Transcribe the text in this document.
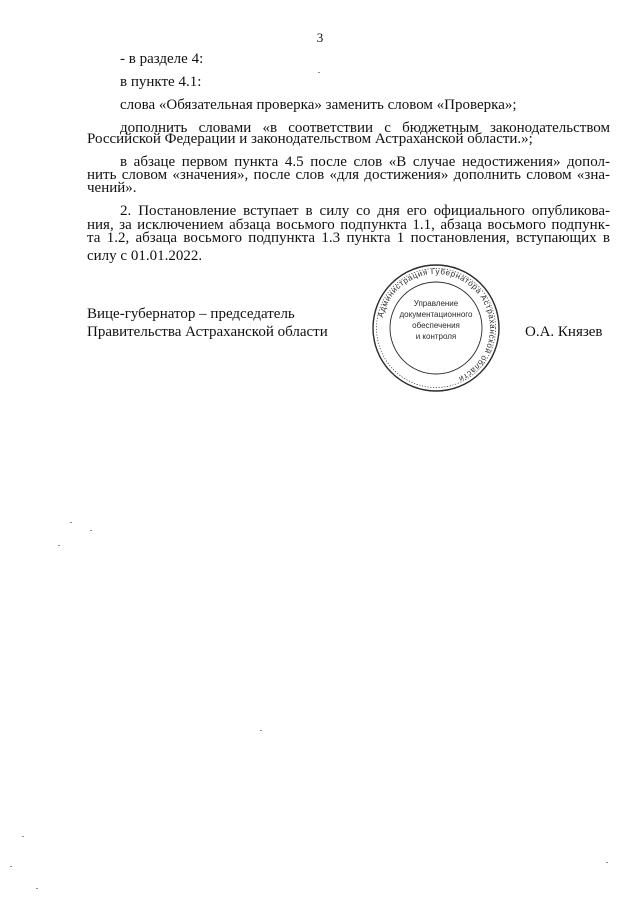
3
- в разделе 4:
в пункте 4.1:
слова «Обязательная проверка» заменить словом «Проверка»;
дополнить словами «в соответствии с бюджетным законодательством
Российской Федерации и законодательством Астраханской области.»;
в абзаце первом пункта 4.5 после слов «В случае недостижения» допол-
нить словом «значения», после слов «для достижения» дополнить словом «зна-
чений».
2. Постановление вступает в силу со дня его официального опубликова-
ния, за исключением абзаца восьмого подпункта 1.1, абзаца восьмого подпунк-
та 1.2, абзаца восьмого подпункта 1.3 пункта 1 постановления, вступающих в
силу с 01.01.2022.
Вице-губернатор – председатель
Правительства Астраханской области	О.А. Князев
Администрация Губернатора Астраханской области
Управление
документационного
обеспечения
и контроля
